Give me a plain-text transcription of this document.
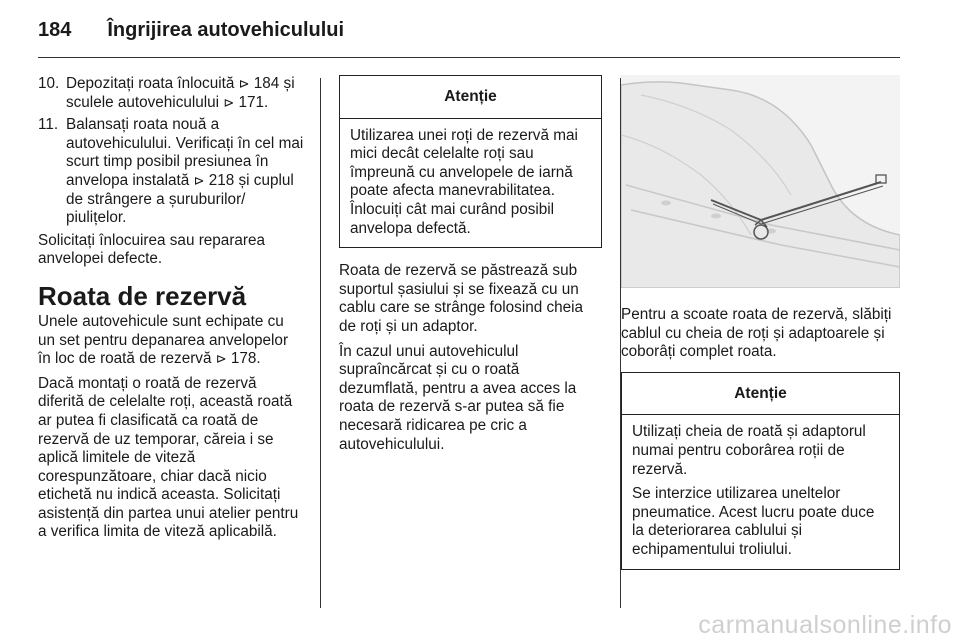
184 Îngrijirea autovehiculului
10. Depozitați roata înlocuită ⊳ 184 și sculele autovehiculului ⊳ 171.
11. Balansați roata nouă a autovehiculului. Verificați în cel mai scurt timp posibil presiunea în anvelopa instalată ⊳ 218 și cuplul de strângere a șuruburilor/ piulițelor.

Solicitați înlocuirea sau repararea anvelopei defecte.

Roata de rezervă

Unele autovehicule sunt echipate cu un set pentru depanarea anvelopelor în loc de roată de rezervă ⊳ 178.

Dacă montați o roată de rezervă diferită de celelalte roți, această roată ar putea fi clasificată ca roată de rezervă de uz temporar, căreia i se aplică limitele de viteză corespunzătoare, chiar dacă nicio etichetă nu indică aceasta. Solicitați asistență din partea unui atelier pentru a verifica limita de viteză aplicabilă.

Atenție

Utilizarea unei roți de rezervă mai mici decât celelalte roți sau împreună cu anvelopele de iarnă poate afecta manevrabilitatea. Înlocuiți cât mai curând posibil anvelopa defectă.

Roata de rezervă se păstrează sub suportul șasiului și se fixează cu un cablu care se strânge folosind cheia de roți și un adaptor.

În cazul unui autovehiculul supraîncărcat și cu o roată dezumflată, pentru a avea acces la roata de rezervă s-ar putea să fie necesară ridicarea pe cric a autovehiculului.

Pentru a scoate roata de rezervă, slăbiți cablul cu cheia de roți și adaptoarele și coborâți complet roata.

Atenție

Utilizați cheia de roată și adaptorul numai pentru coborârea roții de rezervă.

Se interzice utilizarea uneltelor pneumatice. Acest lucru poate duce la deteriorarea cablului și echipamentului troliului.

carmanualsonline.info
